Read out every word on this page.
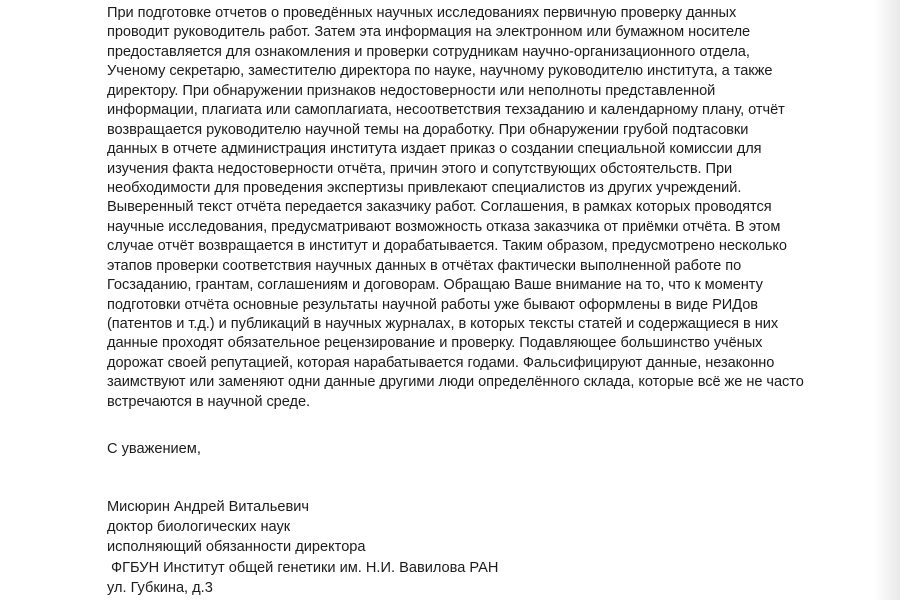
При подготовке отчетов о проведённых научных исследованиях первичную проверку данных
проводит руководитель работ. Затем эта информация на электронном или бумажном носителе
предоставляется для ознакомления и проверки сотрудникам научно-организационного отдела,
Ученому секретарю, заместителю директора по науке, научному руководителю института, а также
директору. При обнаружении признаков недостоверности или неполноты представленной
информации, плагиата или самоплагиата, несоответствия техзаданию и календарному плану, отчёт
возвращается руководителю научной темы на доработку. При обнаружении грубой подтасовки
данных в отчете администрация института издает приказ о создании специальной комиссии для
изучения факта недостоверности отчёта, причин этого и сопутствующих обстоятельств. При
необходимости для проведения экспертизы привлекают специалистов из других учреждений.
Выверенный текст отчёта передается заказчику работ. Соглашения, в рамках которых проводятся
научные исследования, предусматривают возможность отказа заказчика от приёмки отчёта. В этом
случае отчёт возвращается в институт и дорабатывается. Таким образом, предусмотрено несколько
этапов проверки соответствия научных данных в отчётах фактически выполненной работе по
Госзаданию, грантам, соглашениям и договорам. Обращаю Ваше внимание на то, что к моменту
подготовки отчёта основные результаты научной работы уже бывают оформлены в виде РИДов
(патентов и т.д.) и публикаций в научных журналах, в которых тексты статей и содержащиеся в них
данные проходят обязательное рецензирование и проверку. Подавляющее большинство учёных
дорожат своей репутацией, которая нарабатывается годами. Фальсифицируют данные, незаконно
заимствуют или заменяют одни данные другими люди определённого склада, которые всё же не часто
встречаются в научной среде.
С уважением,
Мисюрин Андрей Витальевич
доктор биологических наук
исполняющий обязанности директора
ФГБУН Институт общей генетики им. Н.И. Вавилова РАН
ул. Губкина, д.3
